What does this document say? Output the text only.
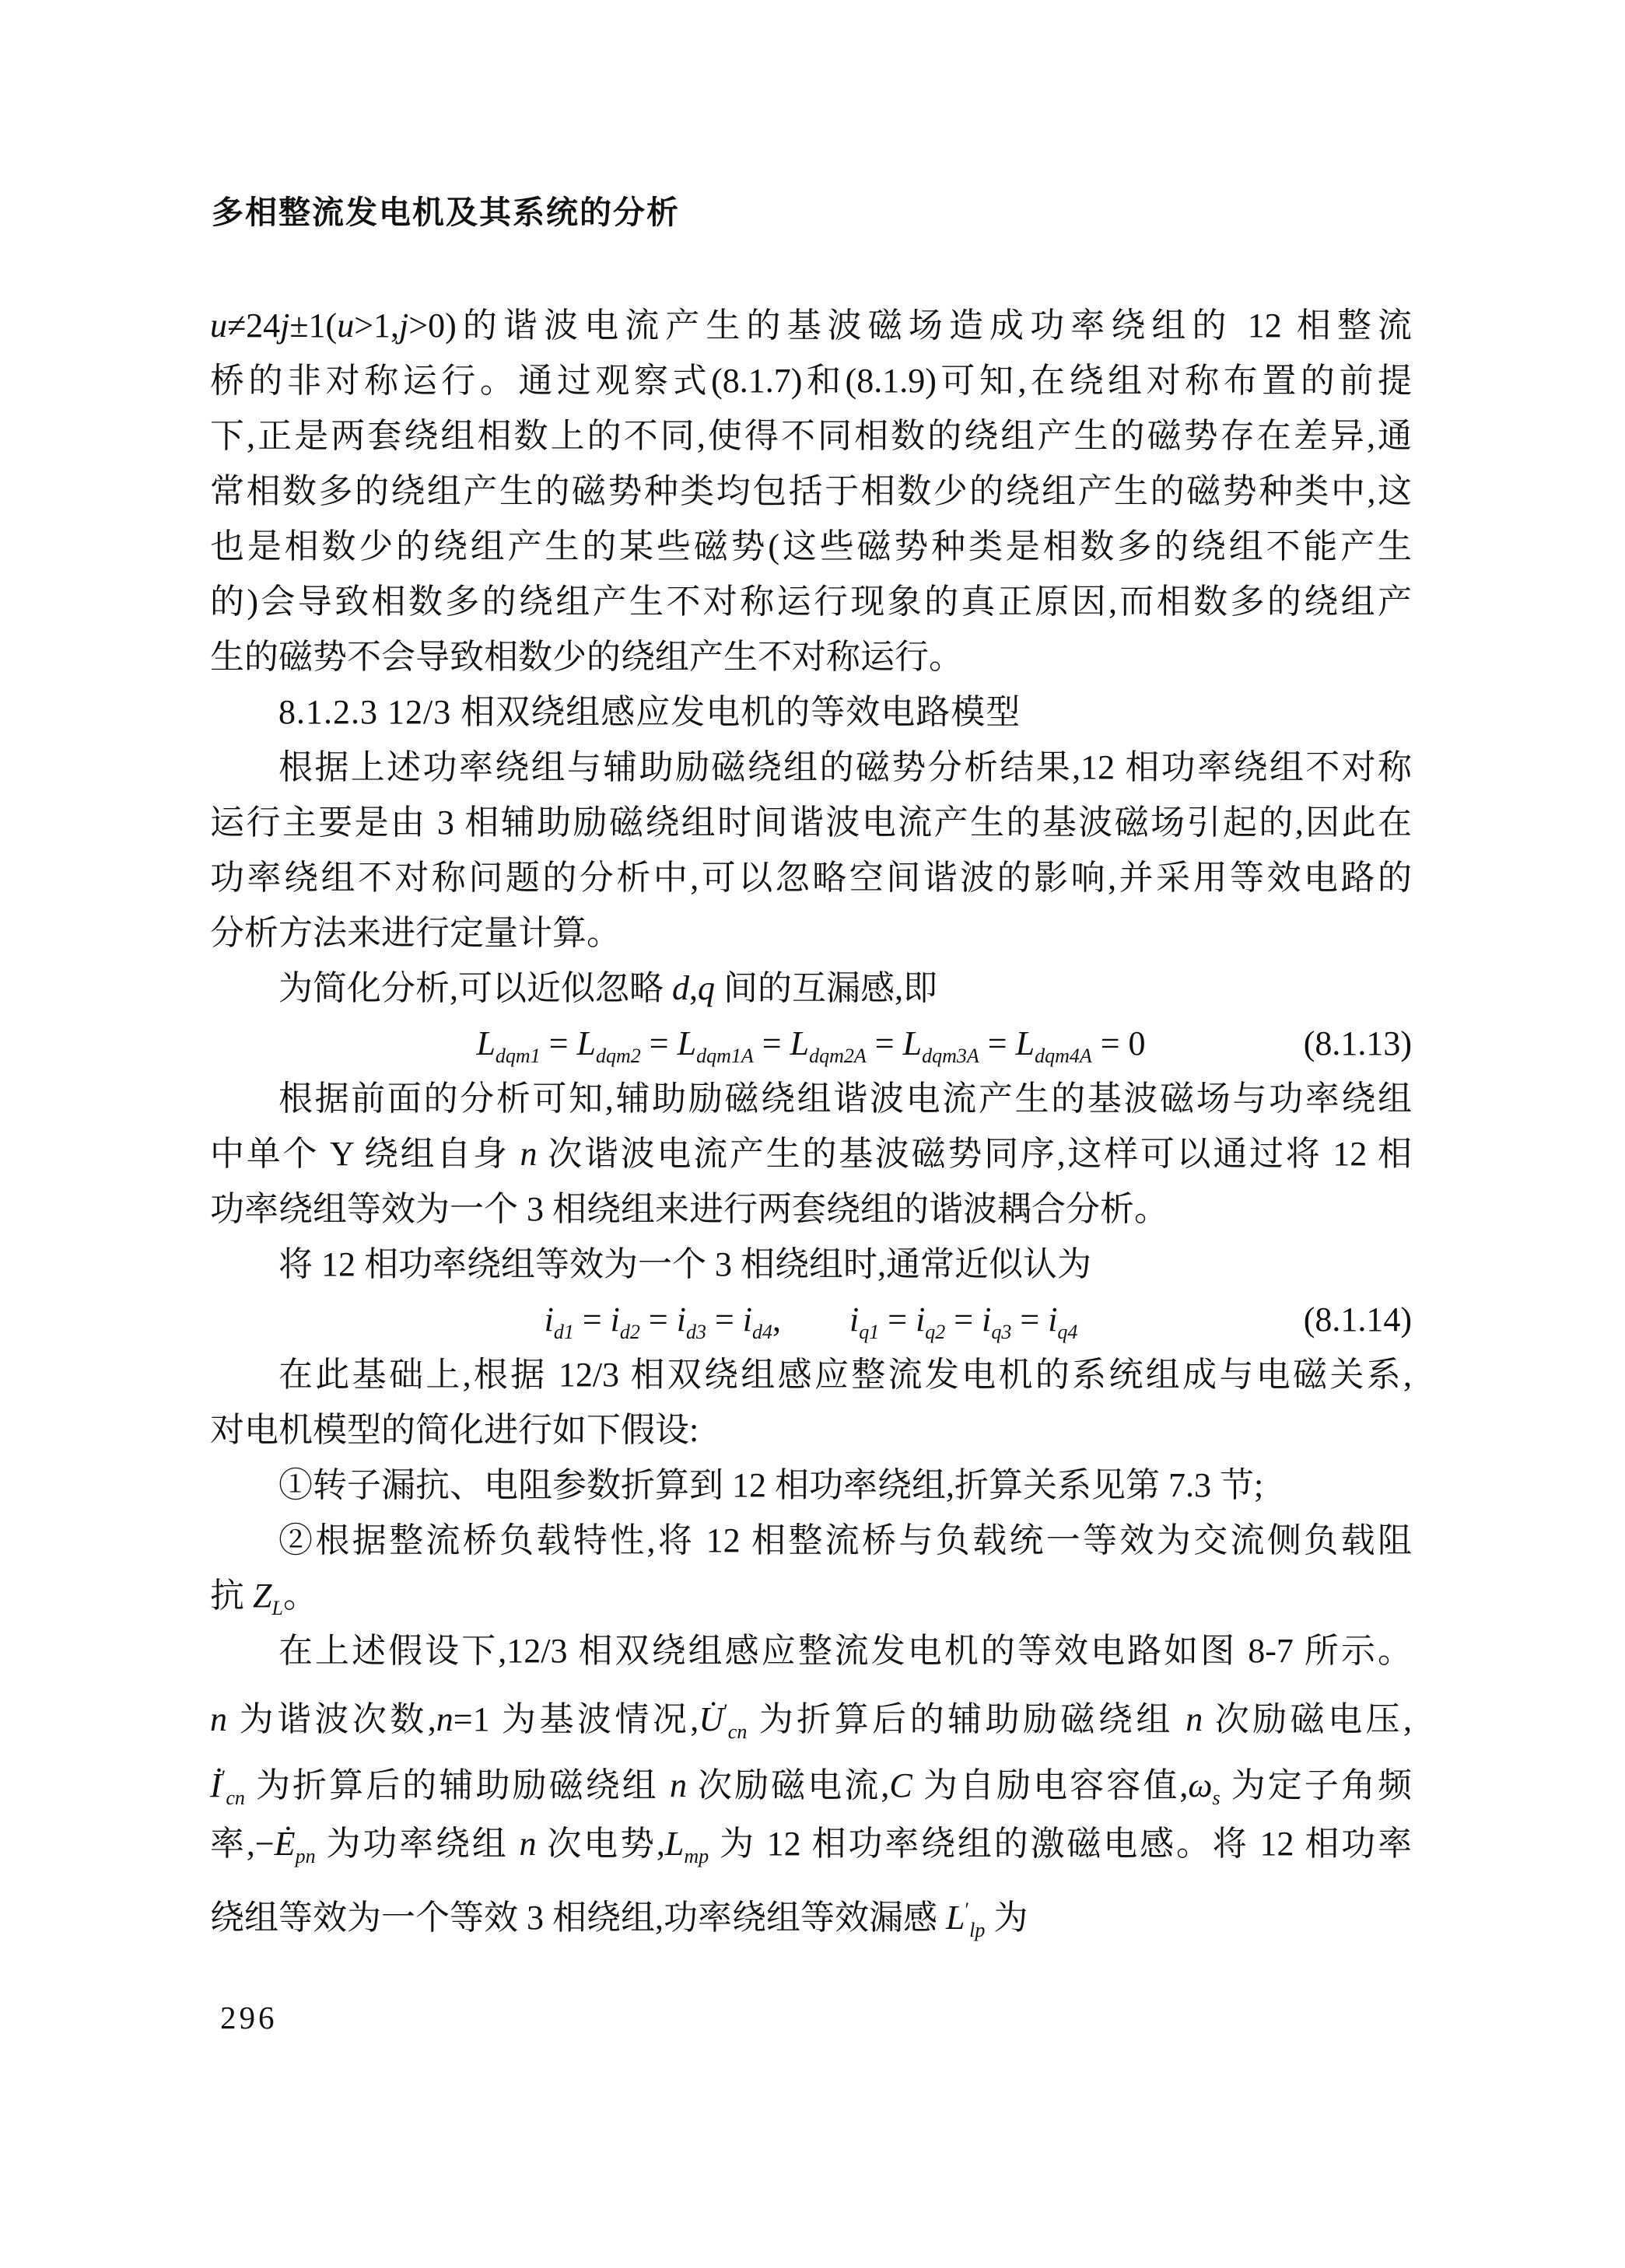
多相整流发电机及其系统的分析
u≠24j±1(u>1,j>0)的谐波电流产生的基波磁场造成功率绕组的 12 相整流
桥的非对称运行。通过观察式(8.1.7)和(8.1.9)可知,在绕组对称布置的前提
下,正是两套绕组相数上的不同,使得不同相数的绕组产生的磁势存在差异,通
常相数多的绕组产生的磁势种类均包括于相数少的绕组产生的磁势种类中,这
也是相数少的绕组产生的某些磁势(这些磁势种类是相数多的绕组不能产生
的)会导致相数多的绕组产生不对称运行现象的真正原因,而相数多的绕组产
生的磁势不会导致相数少的绕组产生不对称运行。
8.1.2.3 12/3 相双绕组感应发电机的等效电路模型
根据上述功率绕组与辅助励磁绕组的磁势分析结果,12 相功率绕组不对称
运行主要是由 3 相辅助励磁绕组时间谐波电流产生的基波磁场引起的,因此在
功率绕组不对称问题的分析中,可以忽略空间谐波的影响,并采用等效电路的
分析方法来进行定量计算。
为简化分析,可以近似忽略 d,q 间的互漏感,即
$L_{dqm1} = L_{dqm2} = L_{dqm1A} = L_{dqm2A} = L_{dqm3A} = L_{dqm4A} = 0$	(8.1.13)
根据前面的分析可知,辅助励磁绕组谐波电流产生的基波磁场与功率绕组
中单个 Y 绕组自身 n 次谐波电流产生的基波磁势同序,这样可以通过将 12 相
功率绕组等效为一个 3 相绕组来进行两套绕组的谐波耦合分析。
将 12 相功率绕组等效为一个 3 相绕组时,通常近似认为
$i_{d1} = i_{d2} = i_{d3} = i_{d4}$,  $i_{q1} = i_{q2} = i_{q3} = i_{q4}$	(8.1.14)
在此基础上,根据 12/3 相双绕组感应整流发电机的系统组成与电磁关系,
对电机模型的简化进行如下假设:
①转子漏抗、电阻参数折算到 12 相功率绕组,折算关系见第 7.3 节;
②根据整流桥负载特性,将 12 相整流桥与负载统一等效为交流侧负载阻
抗 $Z_L$。
在上述假设下,12/3 相双绕组感应整流发电机的等效电路如图 8-7 所示。
n 为谐波次数,n=1 为基波情况$,U̇'_{cn}$ 为折算后的辅助励磁绕组 n 次励磁电压,
$İ'_{cn}$ 为折算后的辅助励磁绕组 n 次励磁电流,C 为自励电容容值$,\omega_s$ 为定子角频
率$,-Ė_{pn}$ 为功率绕组 n 次电势$,L_{mp}$ 为 12 相功率绕组的激磁电感。将 12 相功率
绕组等效为一个等效 3 相绕组,功率绕组等效漏感 $L'_{lp}$ 为
296
